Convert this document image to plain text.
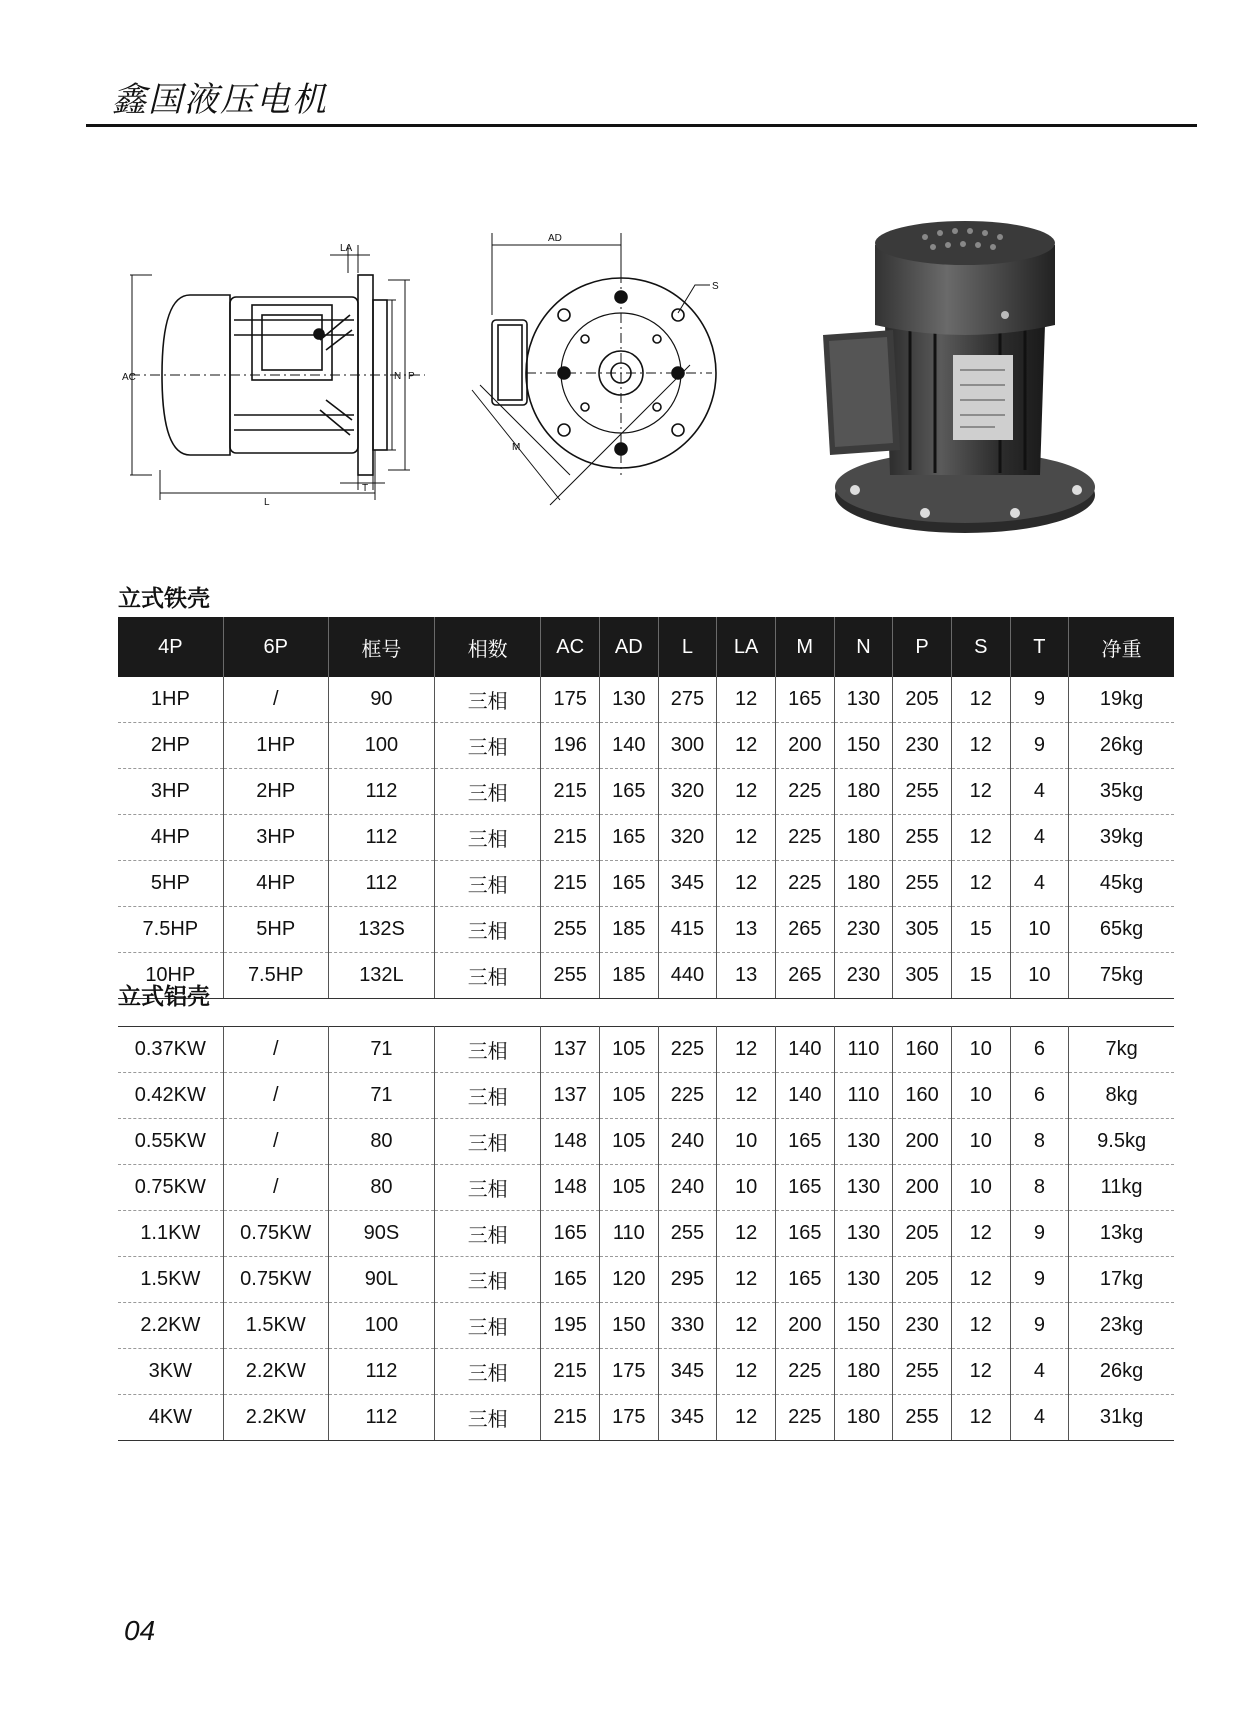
鑫国液压电机
LA
AC	N P
T
L
AD
S
M
立式铁壳
4P	6P	框号	相数	AC	AD	L	LA	M	N	P	S	T	净重
1HP	/	90	三相	175	130	275	12	165	130	205	12	9	19kg
2HP	1HP	100	三相	196	140	300	12	200	150	230	12	9	26kg
3HP	2HP	112	三相	215	165	320	12	225	180	255	12	4	35kg
4HP	3HP	112	三相	215	165	320	12	225	180	255	12	4	39kg
5HP	4HP	112	三相	215	165	345	12	225	180	255	12	4	45kg
7.5HP	5HP	132S	三相	255	185	415	13	265	230	305	15	10	65kg
10HP	7.5HP	132L	三相	255	185	440	13	265	230	305	15	10	75kg
立式铝壳
0.37KW	/	71	三相	137	105	225	12	140	110	160	10	6	7kg
0.42KW	/	71	三相	137	105	225	12	140	110	160	10	6	8kg
0.55KW	/	80	三相	148	105	240	10	165	130	200	10	8	9.5kg
0.75KW	/	80	三相	148	105	240	10	165	130	200	10	8	11kg
1.1KW	0.75KW	90S	三相	165	110	255	12	165	130	205	12	9	13kg
1.5KW	0.75KW	90L	三相	165	120	295	12	165	130	205	12	9	17kg
2.2KW	1.5KW	100	三相	195	150	330	12	200	150	230	12	9	23kg
3KW	2.2KW	112	三相	215	175	345	12	225	180	255	12	4	26kg
4KW	2.2KW	112	三相	215	175	345	12	225	180	255	12	4	31kg
04
